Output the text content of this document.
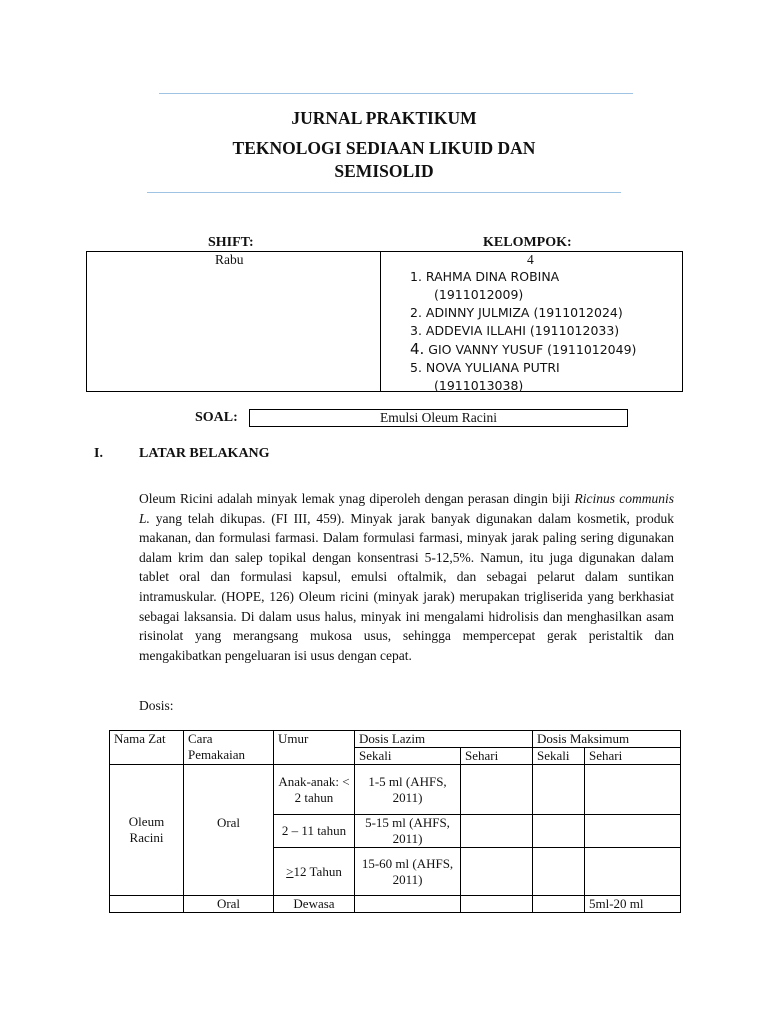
JURNAL PRAKTIKUM
TEKNOLOGI SEDIAAN LIKUID DAN
SEMISOLID
SHIFT:	KELOMPOK:
Rabu	4
1. RAHMA DINA ROBINA
(1911012009)
2. ADINNY JULMIZA (1911012024)
3. ADDEVIA ILLAHI (1911012033)
4. GIO VANNY YUSUF (1911012049)
5. NOVA YULIANA PUTRI
(1911013038)
SOAL:	Emulsi Oleum Racini
I.	LATAR BELAKANG

Oleum Ricini adalah minyak lemak ynag diperoleh dengan perasan dingin biji Ricinus communis L. yang telah dikupas. (FI III, 459). Minyak jarak banyak digunakan dalam kosmetik, produk makanan, dan formulasi farmasi. Dalam formulasi farmasi, minyak jarak paling sering digunakan dalam krim dan salep topikal dengan konsentrasi 5-12,5%. Namun, itu juga digunakan dalam tablet oral dan formulasi kapsul, emulsi oftalmik, dan sebagai pelarut dalam suntikan intramuskular. (HOPE, 126) Oleum ricini (minyak jarak) merupakan trigliserida yang berkhasiat sebagai laksansia. Di dalam usus halus, minyak ini mengalami hidrolisis dan menghasilkan asam risinolat yang merangsang mukosa usus, sehingga mempercepat gerak peristaltik dan mengakibatkan pengeluaran isi usus dengan cepat.

Dosis:
Nama Zat	Cara Pemakaian	Umur	Dosis Lazim		Dosis Maksimum	
			Sekali	Sehari	Sekali	Sehari
Oleum Racini	Oral	Anak-anak: < 2 tahun	1-5 ml (AHFS, 2011)			
		2 – 11 tahun	5-15 ml (AHFS, 2011)			
		>12 Tahun	15-60 ml (AHFS, 2011)			
	Oral	Dewasa				5ml-20 ml
